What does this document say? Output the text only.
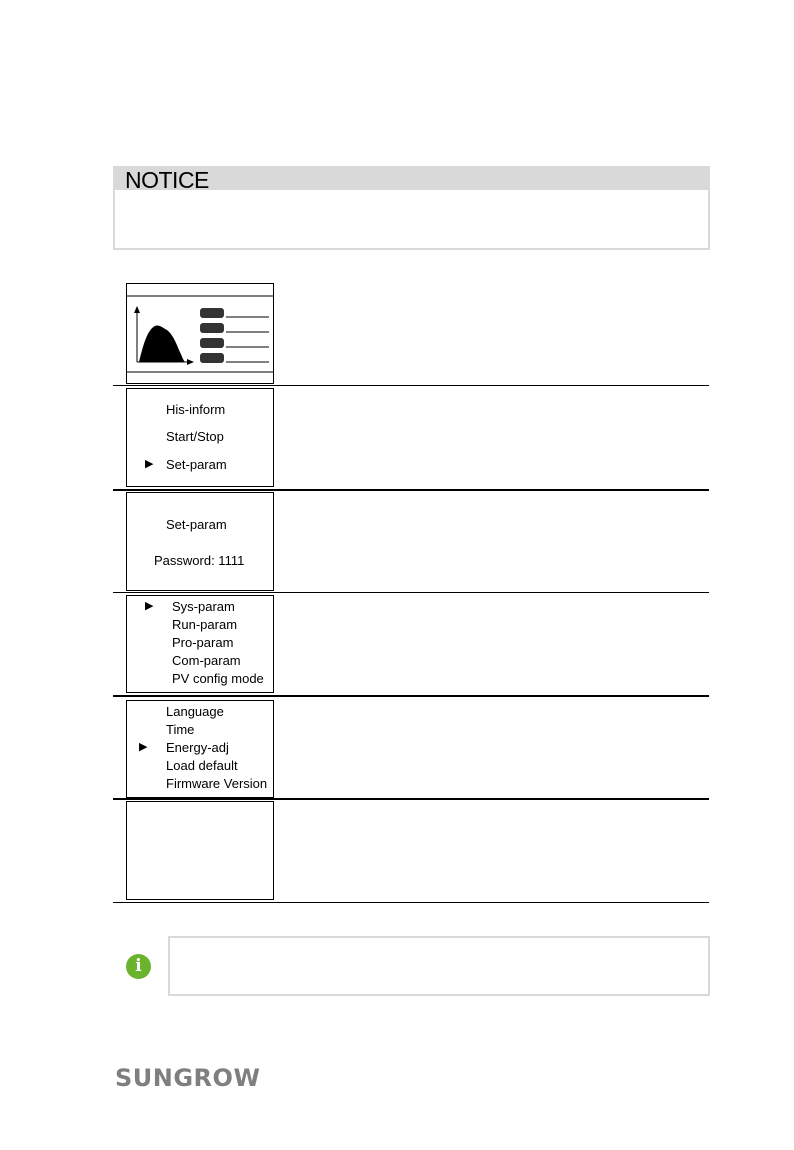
NOTICE
His-inform
Start/Stop
▶ Set-param
Set-param
Password: 1111
▶ Sys-param
Run-param
Pro-param
Com-param
PV config mode
Language
Time
▶ Energy-adj
Load default
Firmware Version
i
SUNGROW
